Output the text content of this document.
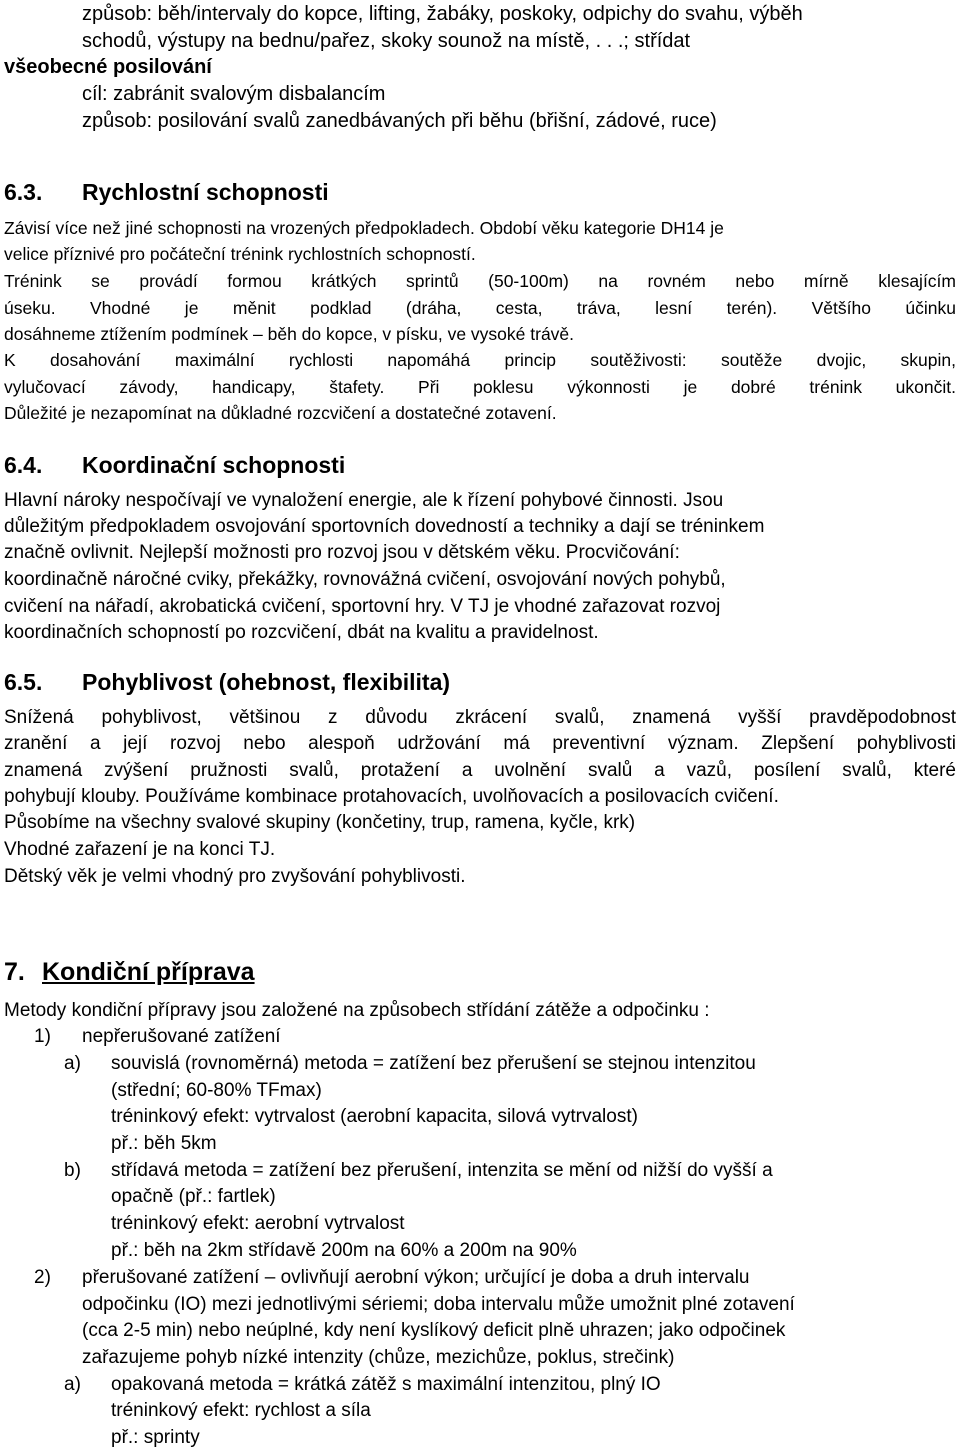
způsob: běh/intervaly do kopce, lifting, žabáky, poskoky, odpichy do svahu, výběh
schodů, výstupy na bednu/pařez, skoky sounož na místě, . . .; střídat
všeobecné posilování
cíl: zabránit svalovým disbalancím
způsob: posilování svalů zanedbávaných při běhu (břišní, zádové, ruce)
6.3. Rychlostní schopnosti
Závisí více než jiné schopnosti na vrozených předpokladech. Období věku kategorie DH14 je
velice příznivé pro počáteční trénink rychlostních schopností.
Trénink se provádí formou krátkých sprintů (50-100m) na rovném nebo mírně klesajícím
úseku. Vhodné je měnit podklad (dráha, cesta, tráva, lesní terén). Většího účinku
dosáhneme ztížením podmínek – běh do kopce, v písku, ve vysoké trávě.
K dosahování maximální rychlosti napomáhá princip soutěživosti: soutěže dvojic, skupin,
vylučovací závody, handicapy, štafety. Při poklesu výkonnosti je dobré trénink ukončit.
Důležité je nezapomínat na důkladné rozcvičení a dostatečné zotavení.
6.4. Koordinační schopnosti
Hlavní nároky nespočívají ve vynaložení energie, ale k řízení pohybové činnosti. Jsou
důležitým předpokladem osvojování sportovních dovedností a techniky a dají se tréninkem
značně ovlivnit. Nejlepší možnosti pro rozvoj jsou v dětském věku. Procvičování:
koordinačně náročné cviky, překážky, rovnovážná cvičení, osvojování nových pohybů,
cvičení na nářadí, akrobatická cvičení, sportovní hry. V TJ je vhodné zařazovat rozvoj
koordinačních schopností po rozcvičení, dbát na kvalitu a pravidelnost.
6.5. Pohyblivost (ohebnost, flexibilita)
Snížená pohyblivost, většinou z důvodu zkrácení svalů, znamená vyšší pravděpodobnost
zranění a její rozvoj nebo alespoň udržování má preventivní význam. Zlepšení pohyblivosti
znamená zvýšení pružnosti svalů, protažení a uvolnění svalů a vazů, posílení svalů, které
pohybují klouby. Používáme kombinace protahovacích, uvolňovacích a posilovacích cvičení.
Působíme na všechny svalové skupiny (končetiny, trup, ramena, kyčle, krk)
Vhodné zařazení je na konci TJ.
Dětský věk je velmi vhodný pro zvyšování pohyblivosti.
7. Kondiční příprava
Metody kondiční přípravy jsou založené na způsobech střídání zátěže a odpočinku :
1) nepřerušované zatížení
a) souvislá (rovnoměrná) metoda = zatížení bez přerušení se stejnou intenzitou
(střední; 60-80% TFmax)
tréninkový efekt: vytrvalost (aerobní kapacita, silová vytrvalost)
př.: běh 5km
b) střídavá metoda = zatížení bez přerušení, intenzita se mění od nižší do vyšší a
opačně (př.: fartlek)
tréninkový efekt: aerobní vytrvalost
př.: běh na 2km střídavě 200m na 60% a 200m na 90%
2) přerušované zatížení – ovlivňují aerobní výkon; určující je doba a druh intervalu
odpočinku (IO) mezi jednotlivými sériemi; doba intervalu může umožnit plné zotavení
(cca 2-5 min) nebo neúplné, kdy není kyslíkový deficit plně uhrazen; jako odpočinek
zařazujeme pohyb nízké intenzity (chůze, mezichůze, poklus, strečink)
a) opakovaná metoda = krátká zátěž s maximální intenzitou, plný IO
tréninkový efekt: rychlost a síla
př.: sprinty
